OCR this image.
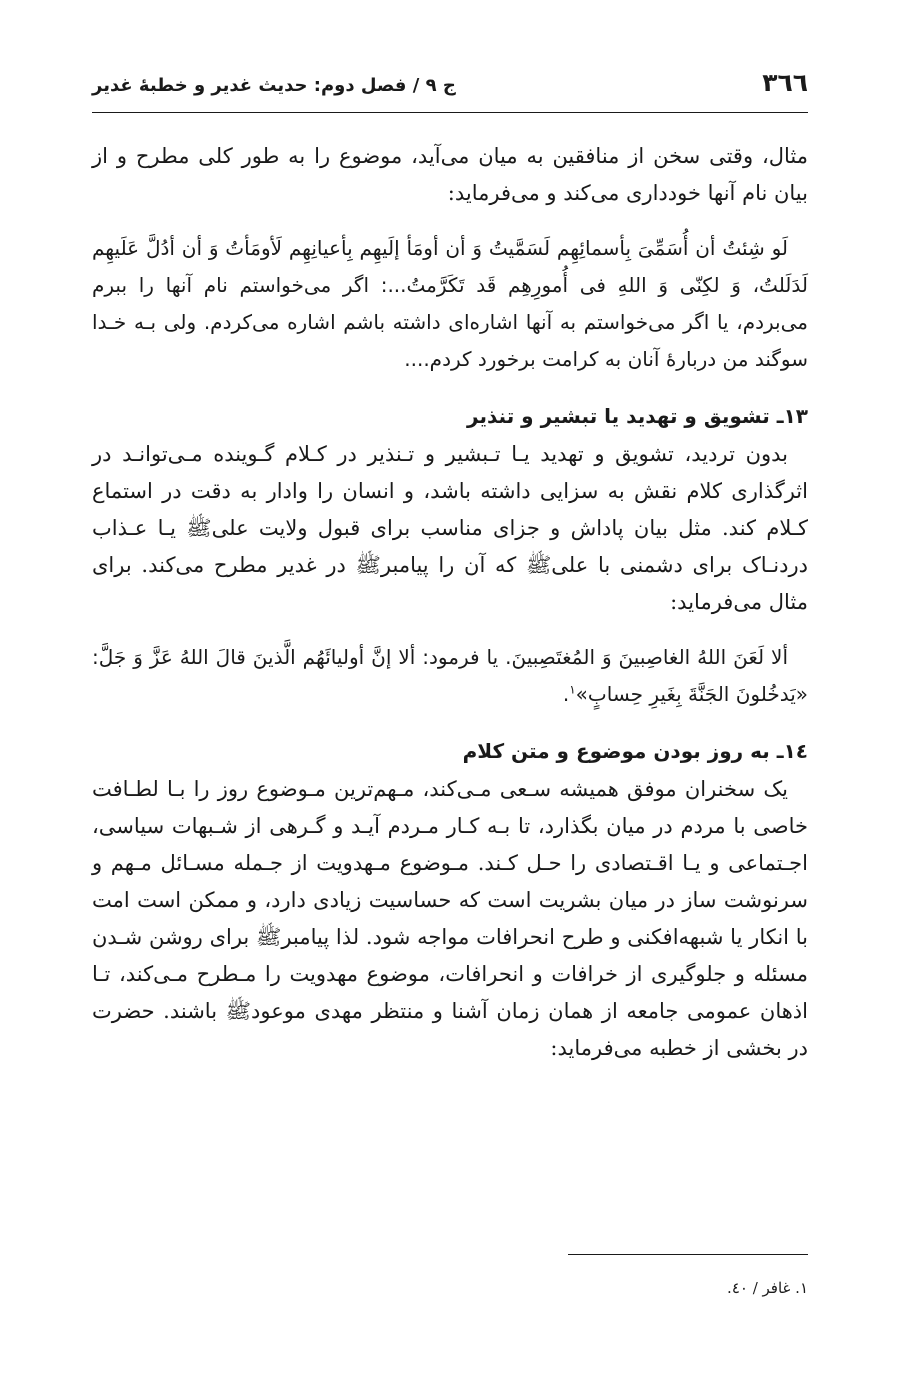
٣٦٦
ج ٩ / فصل دوم: حديث غدير و خطبهٔ غدير

مثال، وقتی سخن از منافقین به میان می‌آید، موضوع را به طور کلی مطرح و از بیان نام آنها خودداری می‌کند و می‌فرماید:

لَو شِئتُ أن أُسَمِّیَ بِأسمائِهِم لَسَمَّیتُ وَ أن أومَأ إلَیهِم بِأعیانِهِم لَأومَأتُ وَ أن أدُلَّ عَلَیهِم لَدَلَلتُ، وَ لکِنّی وَ اللهِ فی أُمورِهِم قَد تَکَرَّمتُ...: اگر می‌خواستم نام آنها را ببرم می‌بردم، یا اگر می‌خواستم به آنها اشاره‌ای داشته باشم اشاره می‌کردم. ولی بـه خـدا سوگند من دربارهٔ آنان به کرامت برخورد کردم....

١٣ـ تشویق و تهدید یا تبشیر و تنذیر

بدون تردید، تشویق و تهدید یـا تـبشیر و تـنذیر در کـلام گـوینده مـی‌توانـد در اثرگذاری کلام نقش به سزایی داشته باشد، و انسان را وادار به دقت در استماع کـلام کند. مثل بیان پاداش و جزای مناسب برای قبول ولایت علی‌ﷺ یـا عـذاب دردنـاک برای دشمنی با علی‌ﷺ که آن را پیامبرﷺ در غدیر مطرح می‌کند. برای مثال می‌فرماید:

ألا لَعَنَ اللهُ الغاصِبینَ وَ المُغتَصِبینَ. یا فرمود: ألا إنَّ أولیائَهُم الَّذینَ قالَ اللهُ عَزَّ وَ جَلَّ: «یَدخُلونَ الجَنَّةَ بِغَیرِ حِسابٍ»$^١$.

١٤ـ به روز بودن موضوع و متن کلام

یک سخنران موفق همیشه سـعی مـی‌کند، مـهم‌ترین مـوضوع روز را بـا لطـافت خاصی با مردم در میان بگذارد، تا بـه کـار مـردم آیـد و گـرهی از شـبهات سیاسی، اجـتماعی و یـا اقـتصادی را حـل کـند. مـوضوع مـهدویت از جـمله مسـائل مـهم و سرنوشت ساز در میان بشریت است که حساسیت زیادی دارد، و ممکن است امت با انکار یا شبهه‌افکنی و طرح انحرافات مواجه شود. لذا پیامبرﷺ برای روشن شـدن مسئله و جلوگیری از خرافات و انحرافات، موضوع مهدویت را مـطرح مـی‌کند، تـا اذهان عمومی جامعه از همان زمان آشنا و منتظر مهدی موعودﷺ باشند. حضرت در بخشی از خطبه می‌فرماید:

١. غافر / ٤٠.
